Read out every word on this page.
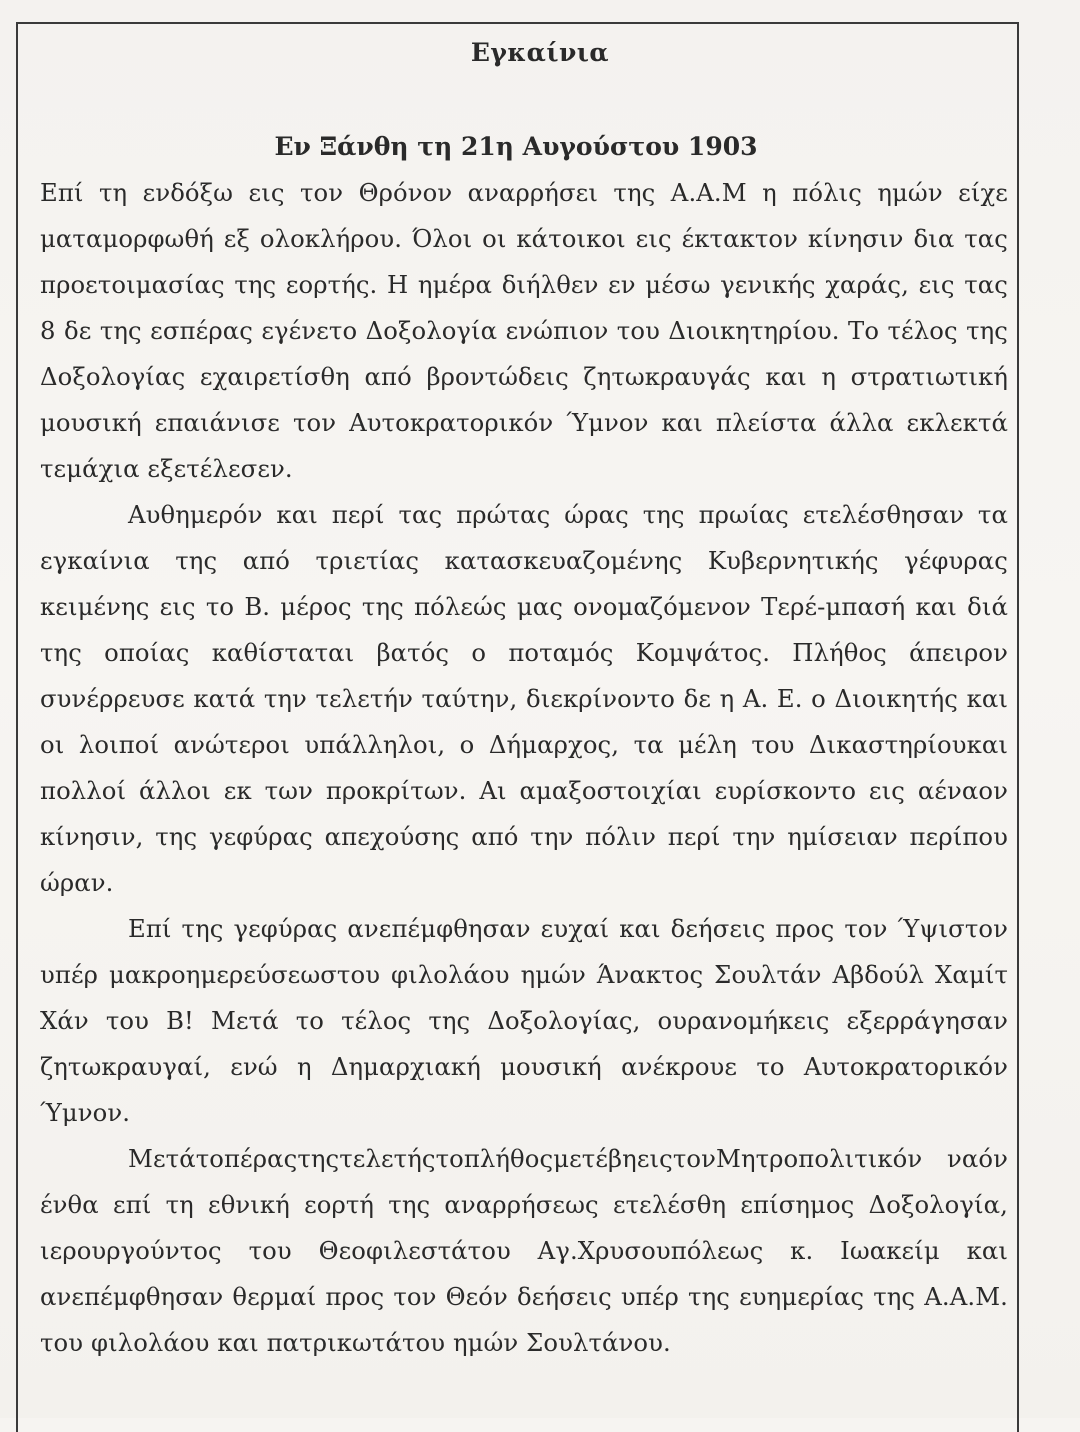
Εγκαίνια
Εν Ξάνθη τη 21η Αυγούστου 1903

Επί τη ενδόξω εις τον Θρόνον αναρρήσει της Α.Α.Μ η πόλις ημών είχε ματαμορφωθή εξ ολοκλήρου. Όλοι οι κάτοικοι εις έκτακτον κίνησιν δια τας προετοιμασίας της εορτής. Η ημέρα διήλθεν εν μέσω γενικής χαράς, εις τας 8 δε της εσπέρας εγένετο Δοξολογία ενώπιον του Διοικητηρίου. Το τέλος της Δοξολογίας εχαιρετίσθη από βροντώδεις ζητωκραυγάς και η στρατιωτική μουσική επαιάνισε τον Αυτοκρατορικόν Ύμνον και πλείστα άλλα εκλεκτά τεμάχια εξετέλεσεν.

Αυθημερόν και περί τας πρώτας ώρας της πρωίας ετελέσθησαν τα εγκαίνια της από τριετίας κατασκευαζομένης Κυβερνητικής γέφυρας κειμένης εις το Β. μέρος της πόλεώς μας ονομαζόμενον Τερέ-μπασή και διά της οποίας καθίσταται βατός ο ποταμός Κομψάτος. Πλήθος άπειρον συνέρρευσε κατά την τελετήν ταύτην, διεκρίνοντο δε η Α. Ε. ο Διοικητής και οι λοιποί ανώτεροι υπάλληλοι, ο Δήμαρχος, τα μέλη του Δικαστηρίουκαι πολλοί άλλοι εκ των προκρίτων. Αι αμαξοστοιχίαι ευρίσκοντο εις αέναον κίνησιν, της γεφύρας απεχούσης από την πόλιν περί την ημίσειαν περίπου ώραν.

Επί της γεφύρας ανεπέμφθησαν ευχαί και δεήσεις προς τον Ύψιστον υπέρ μακροημερεύσεωστου φιλολάου ημών Άνακτος Σουλτάν Αβδούλ Χαμίτ Χάν του Β! Μετά το τέλος της Δοξολογίας, ουρανομήκεις εξερράγησαν ζητωκραυγαί, ενώ η Δημαρχιακή μουσική ανέκρουε το Αυτοκρατορικόν Ύμνον.

ΜετάτοπέραςτηςτελετήςτοπλήθοςμετέβηειςτονΜητροπολιτικόν ναόν ένθα επί τη εθνική εορτή της αναρρήσεως ετελέσθη επίσημος Δοξολογία, ιερουργούντος του Θεοφιλεστάτου Αγ.Χρυσουπόλεως κ. Ιωακείμ και ανεπέμφθησαν θερμαί προς τον Θεόν δεήσεις υπέρ της ευημερίας της Α.Α.Μ. του φιλολάου και πατρικωτάτου ημών Σουλτάνου.
